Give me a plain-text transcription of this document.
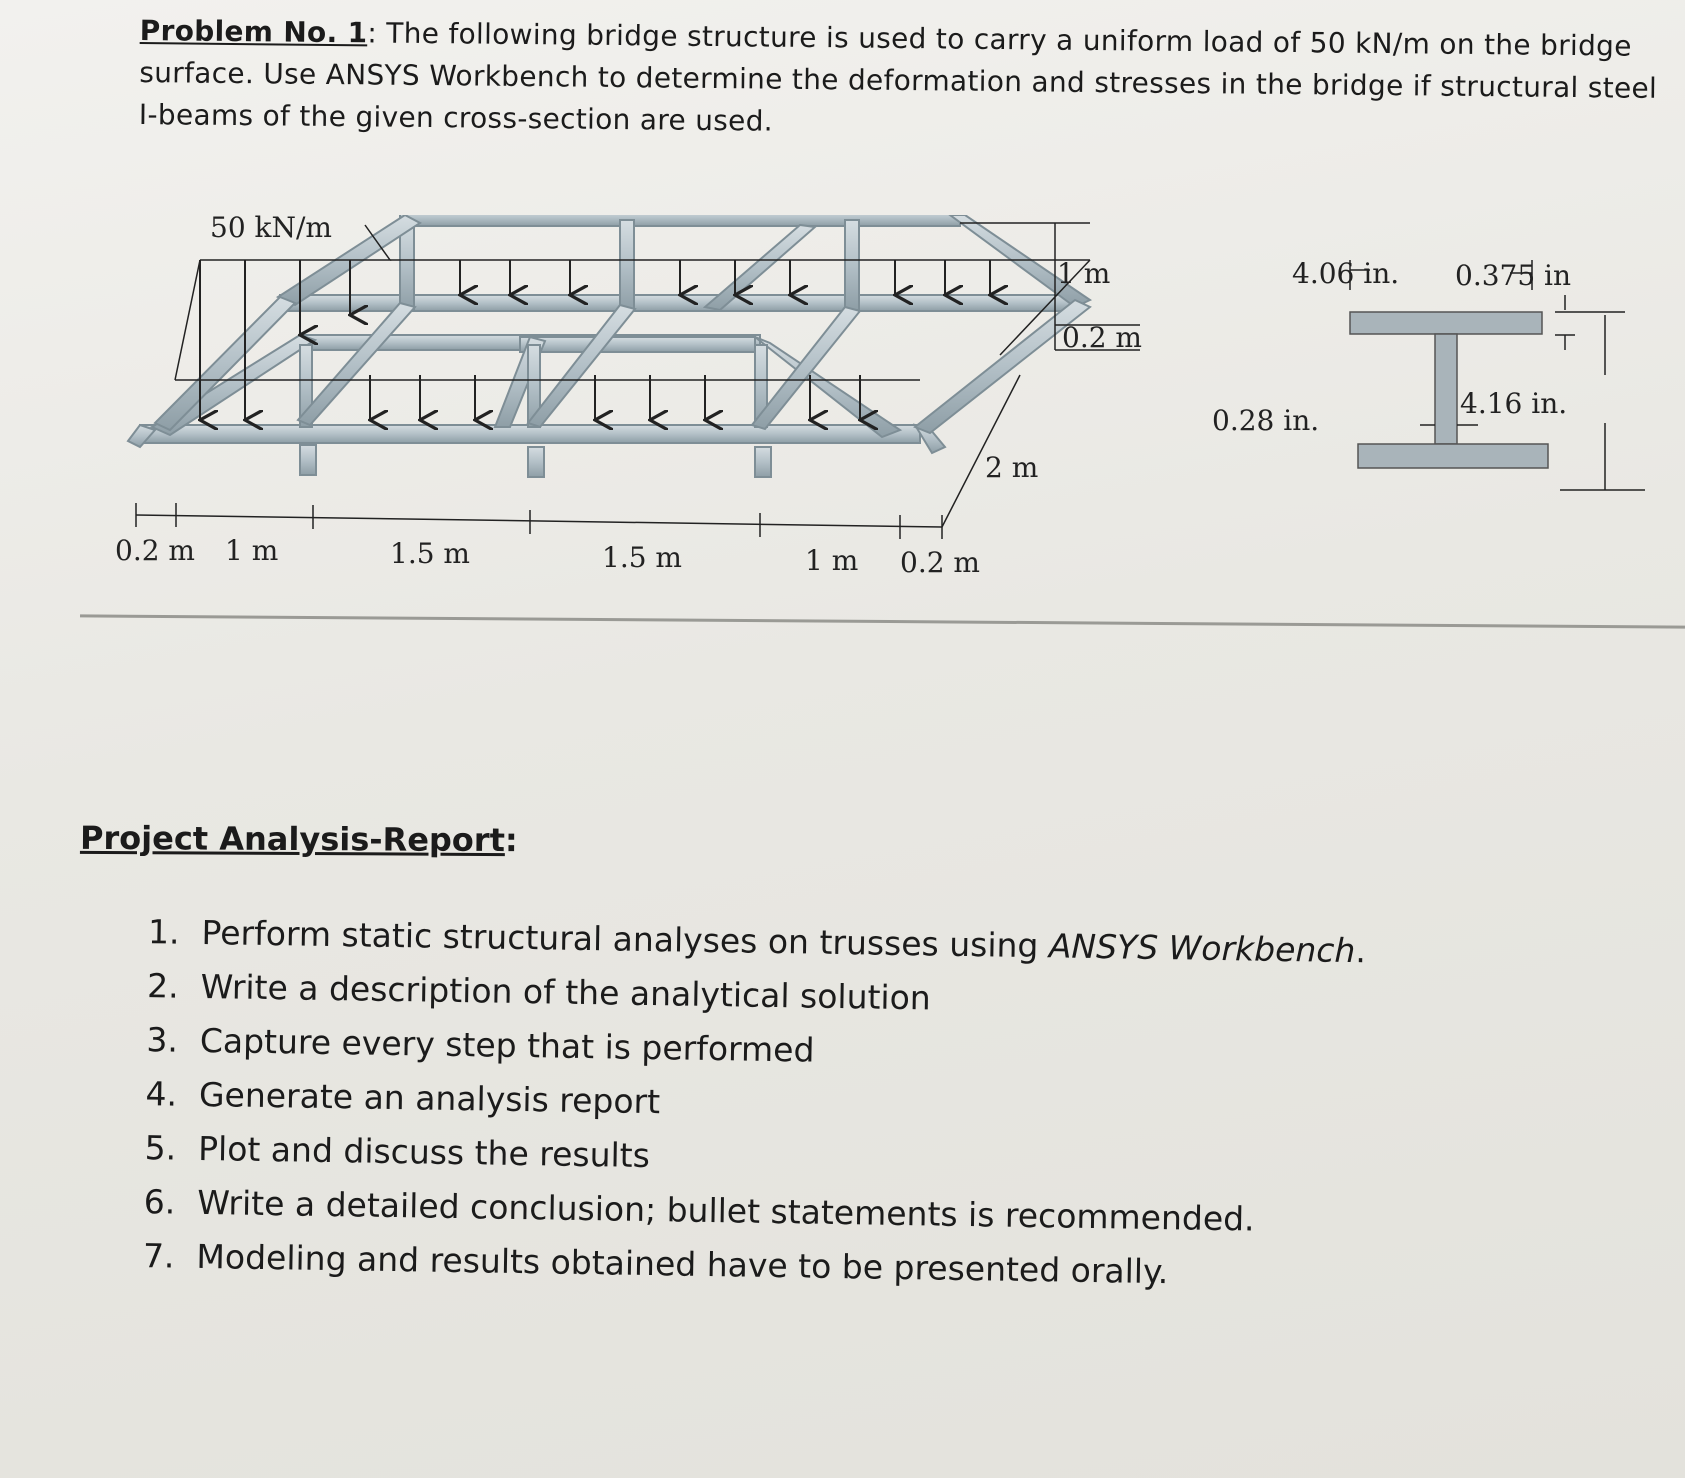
Problem No. 1: The following bridge structure is used to carry a uniform load of 50 kN/m on the bridge surface. Use ANSYS Workbench to determine the deformation and stresses in the bridge if structural steel I-beams of the given cross-section are used.
50 kN/m
1 m
0.2 m
2 m
0.2 m 1 m	1.5 m	1.5 m	1 m 0.2 m
4.06 in. 0.375 in
0.28 in.
4.16 in.
Project Analysis-Report:
1. Perform static structural analyses on trusses using ANSYS Workbench.
2. Write a description of the analytical solution
3. Capture every step that is performed
4. Generate an analysis report
5. Plot and discuss the results
6. Write a detailed conclusion; bullet statements is recommended.
7. Modeling and results obtained have to be presented orally.
